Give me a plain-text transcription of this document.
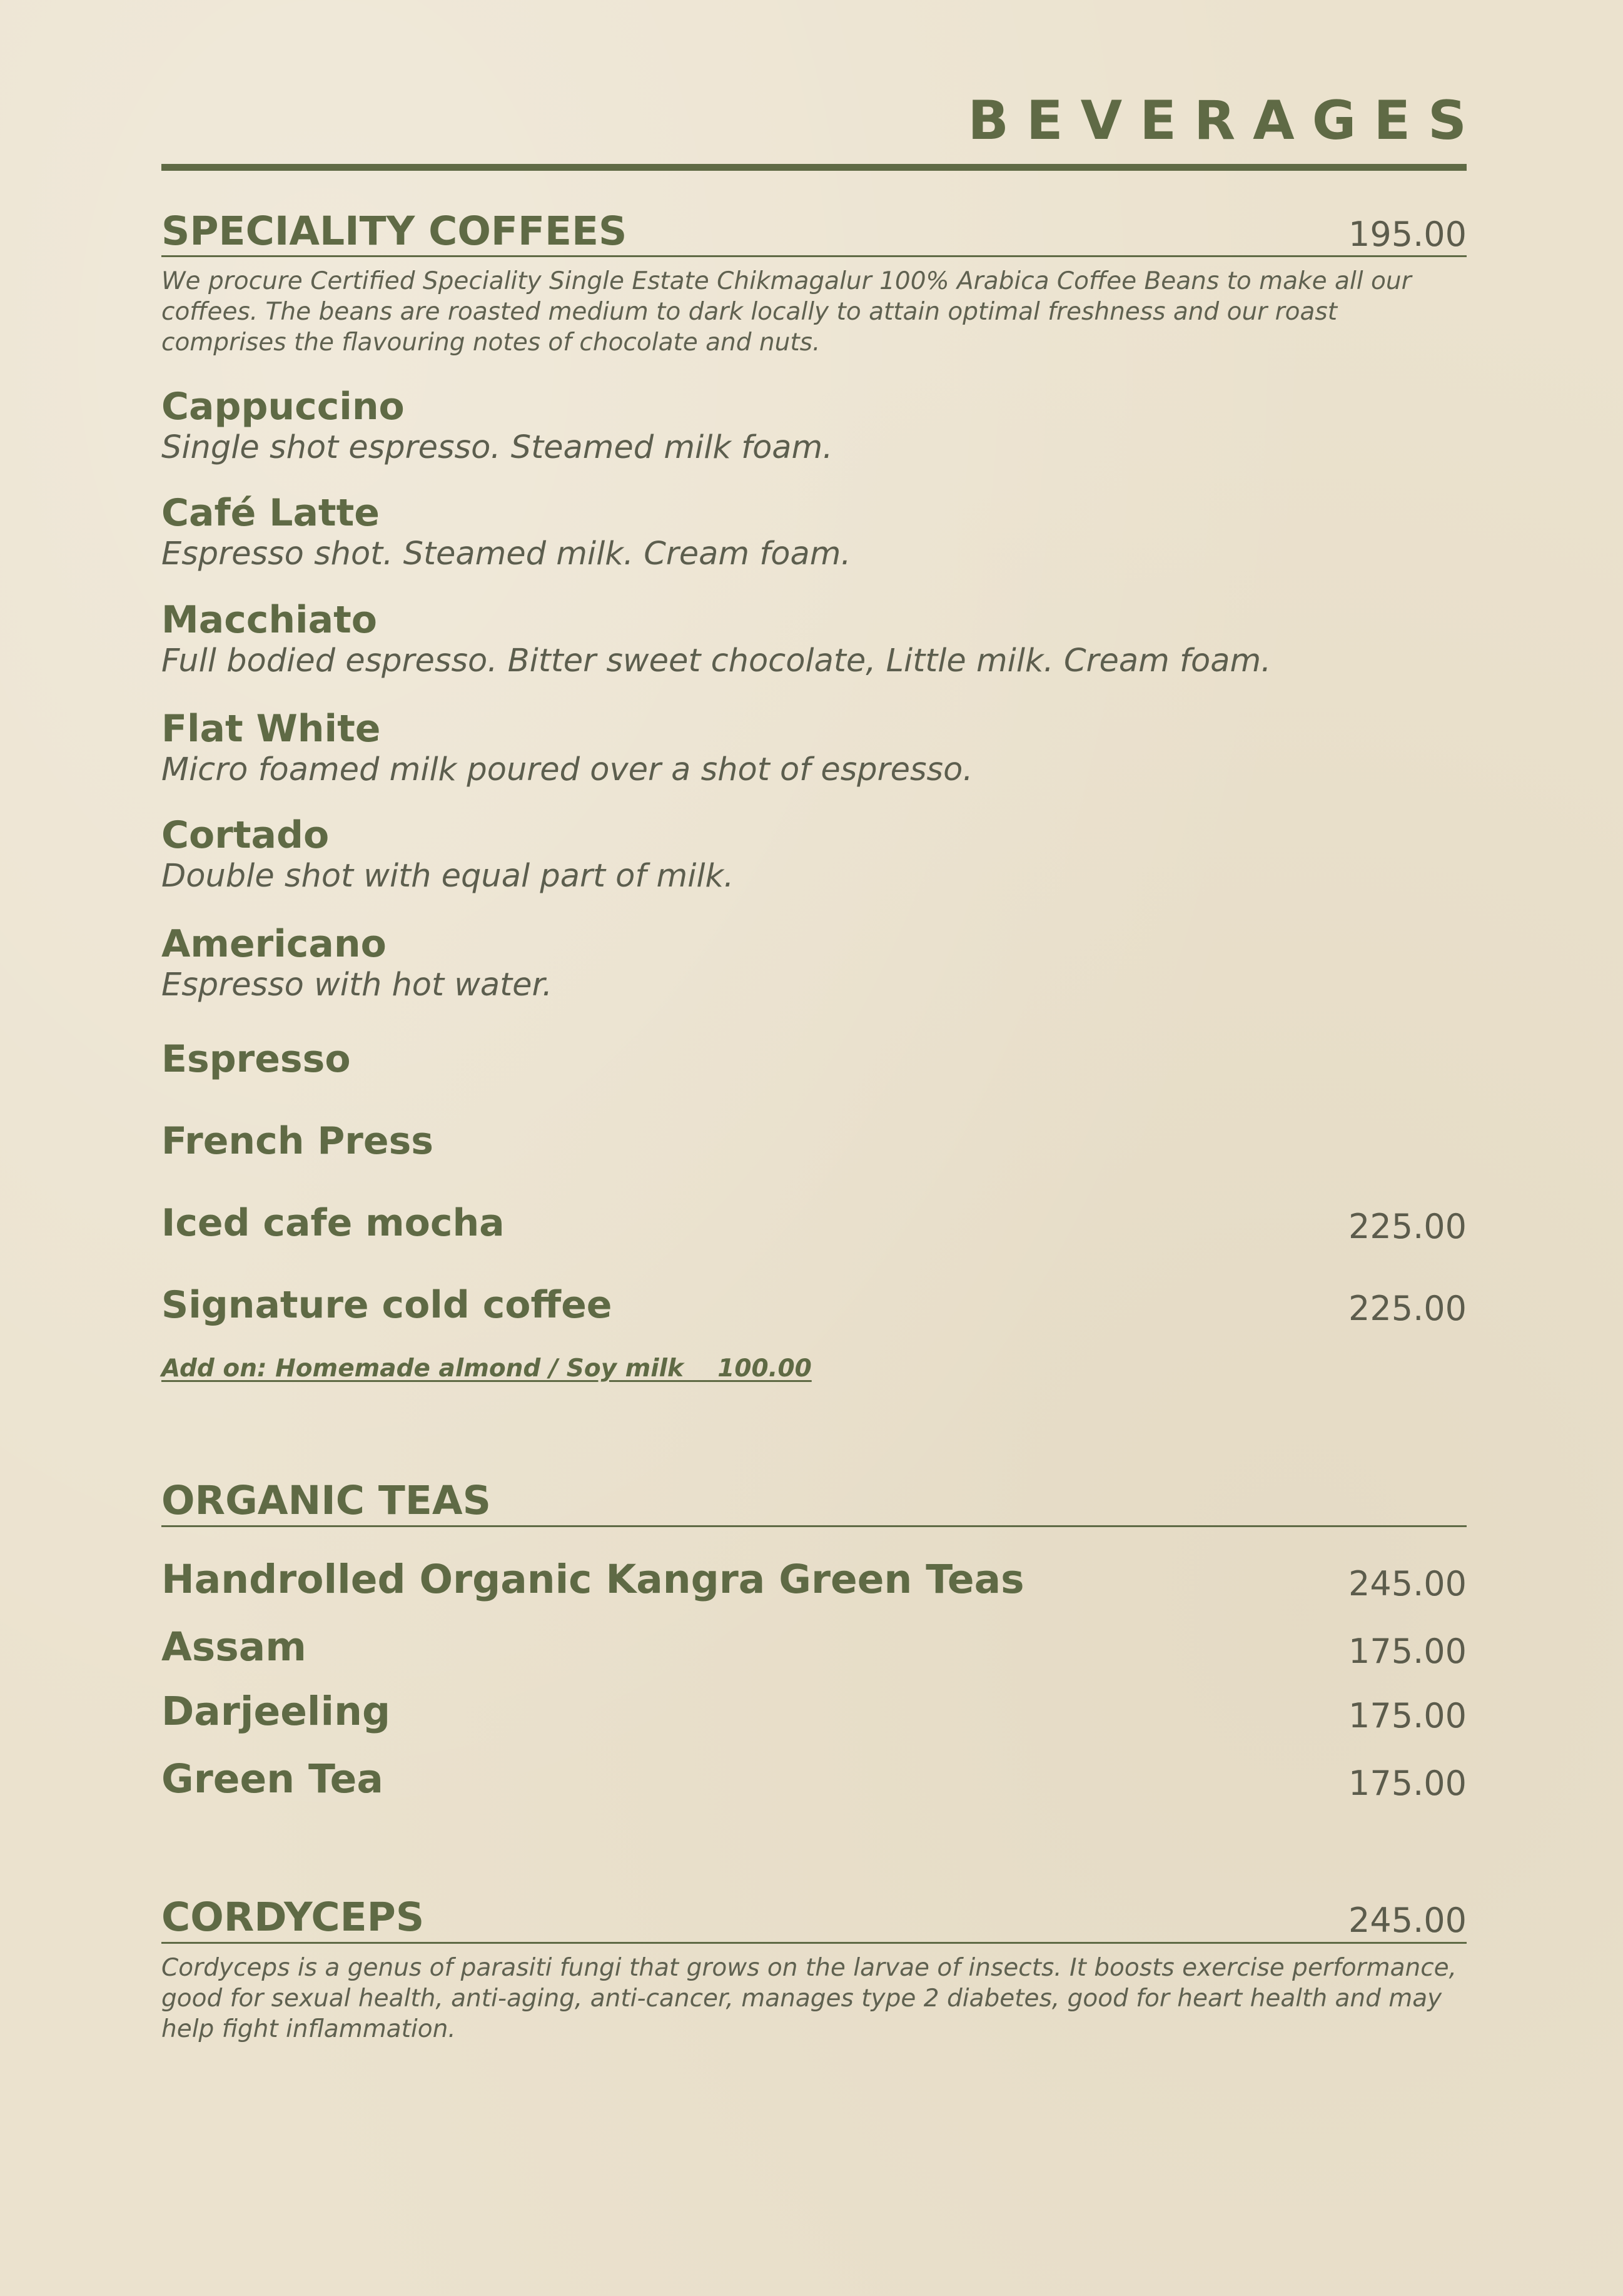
BEVERAGES
SPECIALITY COFFEES	195.00
We procure Certified Speciality Single Estate Chikmagalur 100% Arabica Coffee Beans to make all our coffees. The beans are roasted medium to dark locally to attain optimal freshness and our roast comprises the flavouring notes of chocolate and nuts.
Cappuccino
Single shot espresso. Steamed milk foam.
Café Latte
Espresso shot. Steamed milk. Cream foam.
Macchiato
Full bodied espresso. Bitter sweet chocolate, Little milk. Cream foam.
Flat White
Micro foamed milk poured over a shot of espresso.
Cortado
Double shot with equal part of milk.
Americano
Espresso with hot water.
Espresso
French Press
Iced cafe mocha	225.00
Signature cold coffee	225.00
Add on: Homemade almond / Soy milk    100.00
ORGANIC TEAS
Handrolled Organic Kangra Green Teas	245.00
Assam	175.00
Darjeeling	175.00
Green Tea	175.00
CORDYCEPS	245.00
Cordyceps is a genus of parasiti fungi that grows on the larvae of insects. It boosts exercise performance, good for sexual health, anti-aging, anti-cancer, manages type 2 diabetes, good for heart health and may help fight inflammation.
